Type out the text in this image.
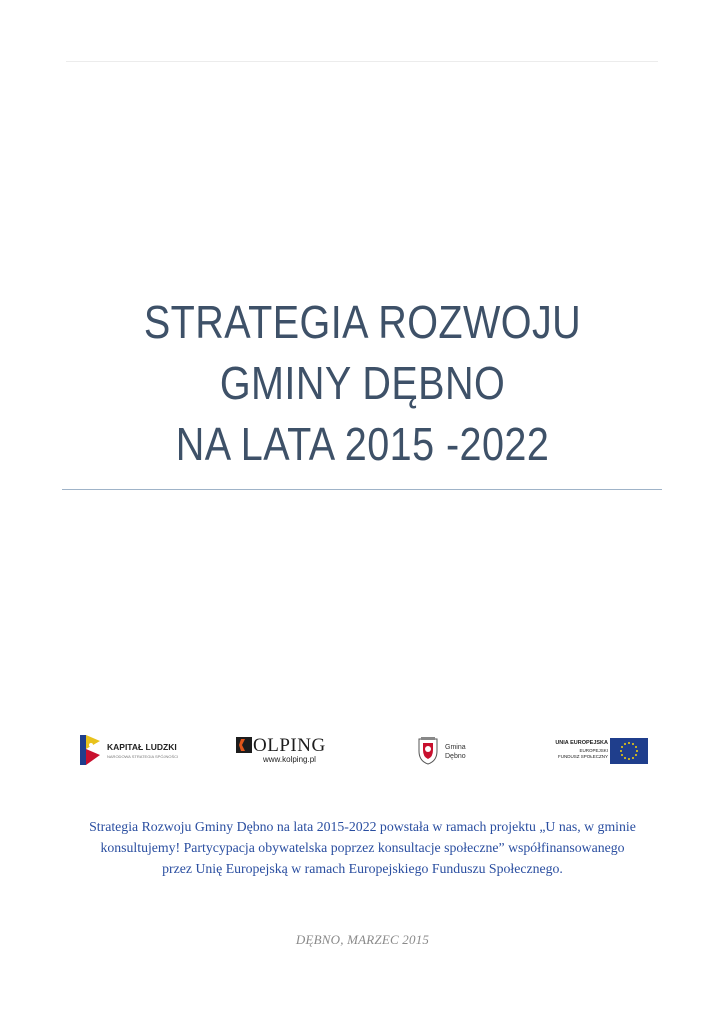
STRATEGIA ROZWOJU
GMINY DĘBNO
NA LATA 2015 -2022
KAPITAŁ LUDZKI
NARODOWA STRATEGIA SPÓJNOŚCI
OLPING
www.kolping.pl
Gmina
Dębno
UNIA EUROPEJSKA
EUROPEJSKI
FUNDUSZ SPOŁECZNY
Strategia Rozwoju Gminy Dębno na lata 2015-2022 powstała w ramach projektu „U nas, w gminie
konsultujemy! Partycypacja obywatelska poprzez konsultacje społeczne” współfinansowanego
przez Unię Europejską w ramach Europejskiego Funduszu Społecznego.
DĘBNO, MARZEC 2015
